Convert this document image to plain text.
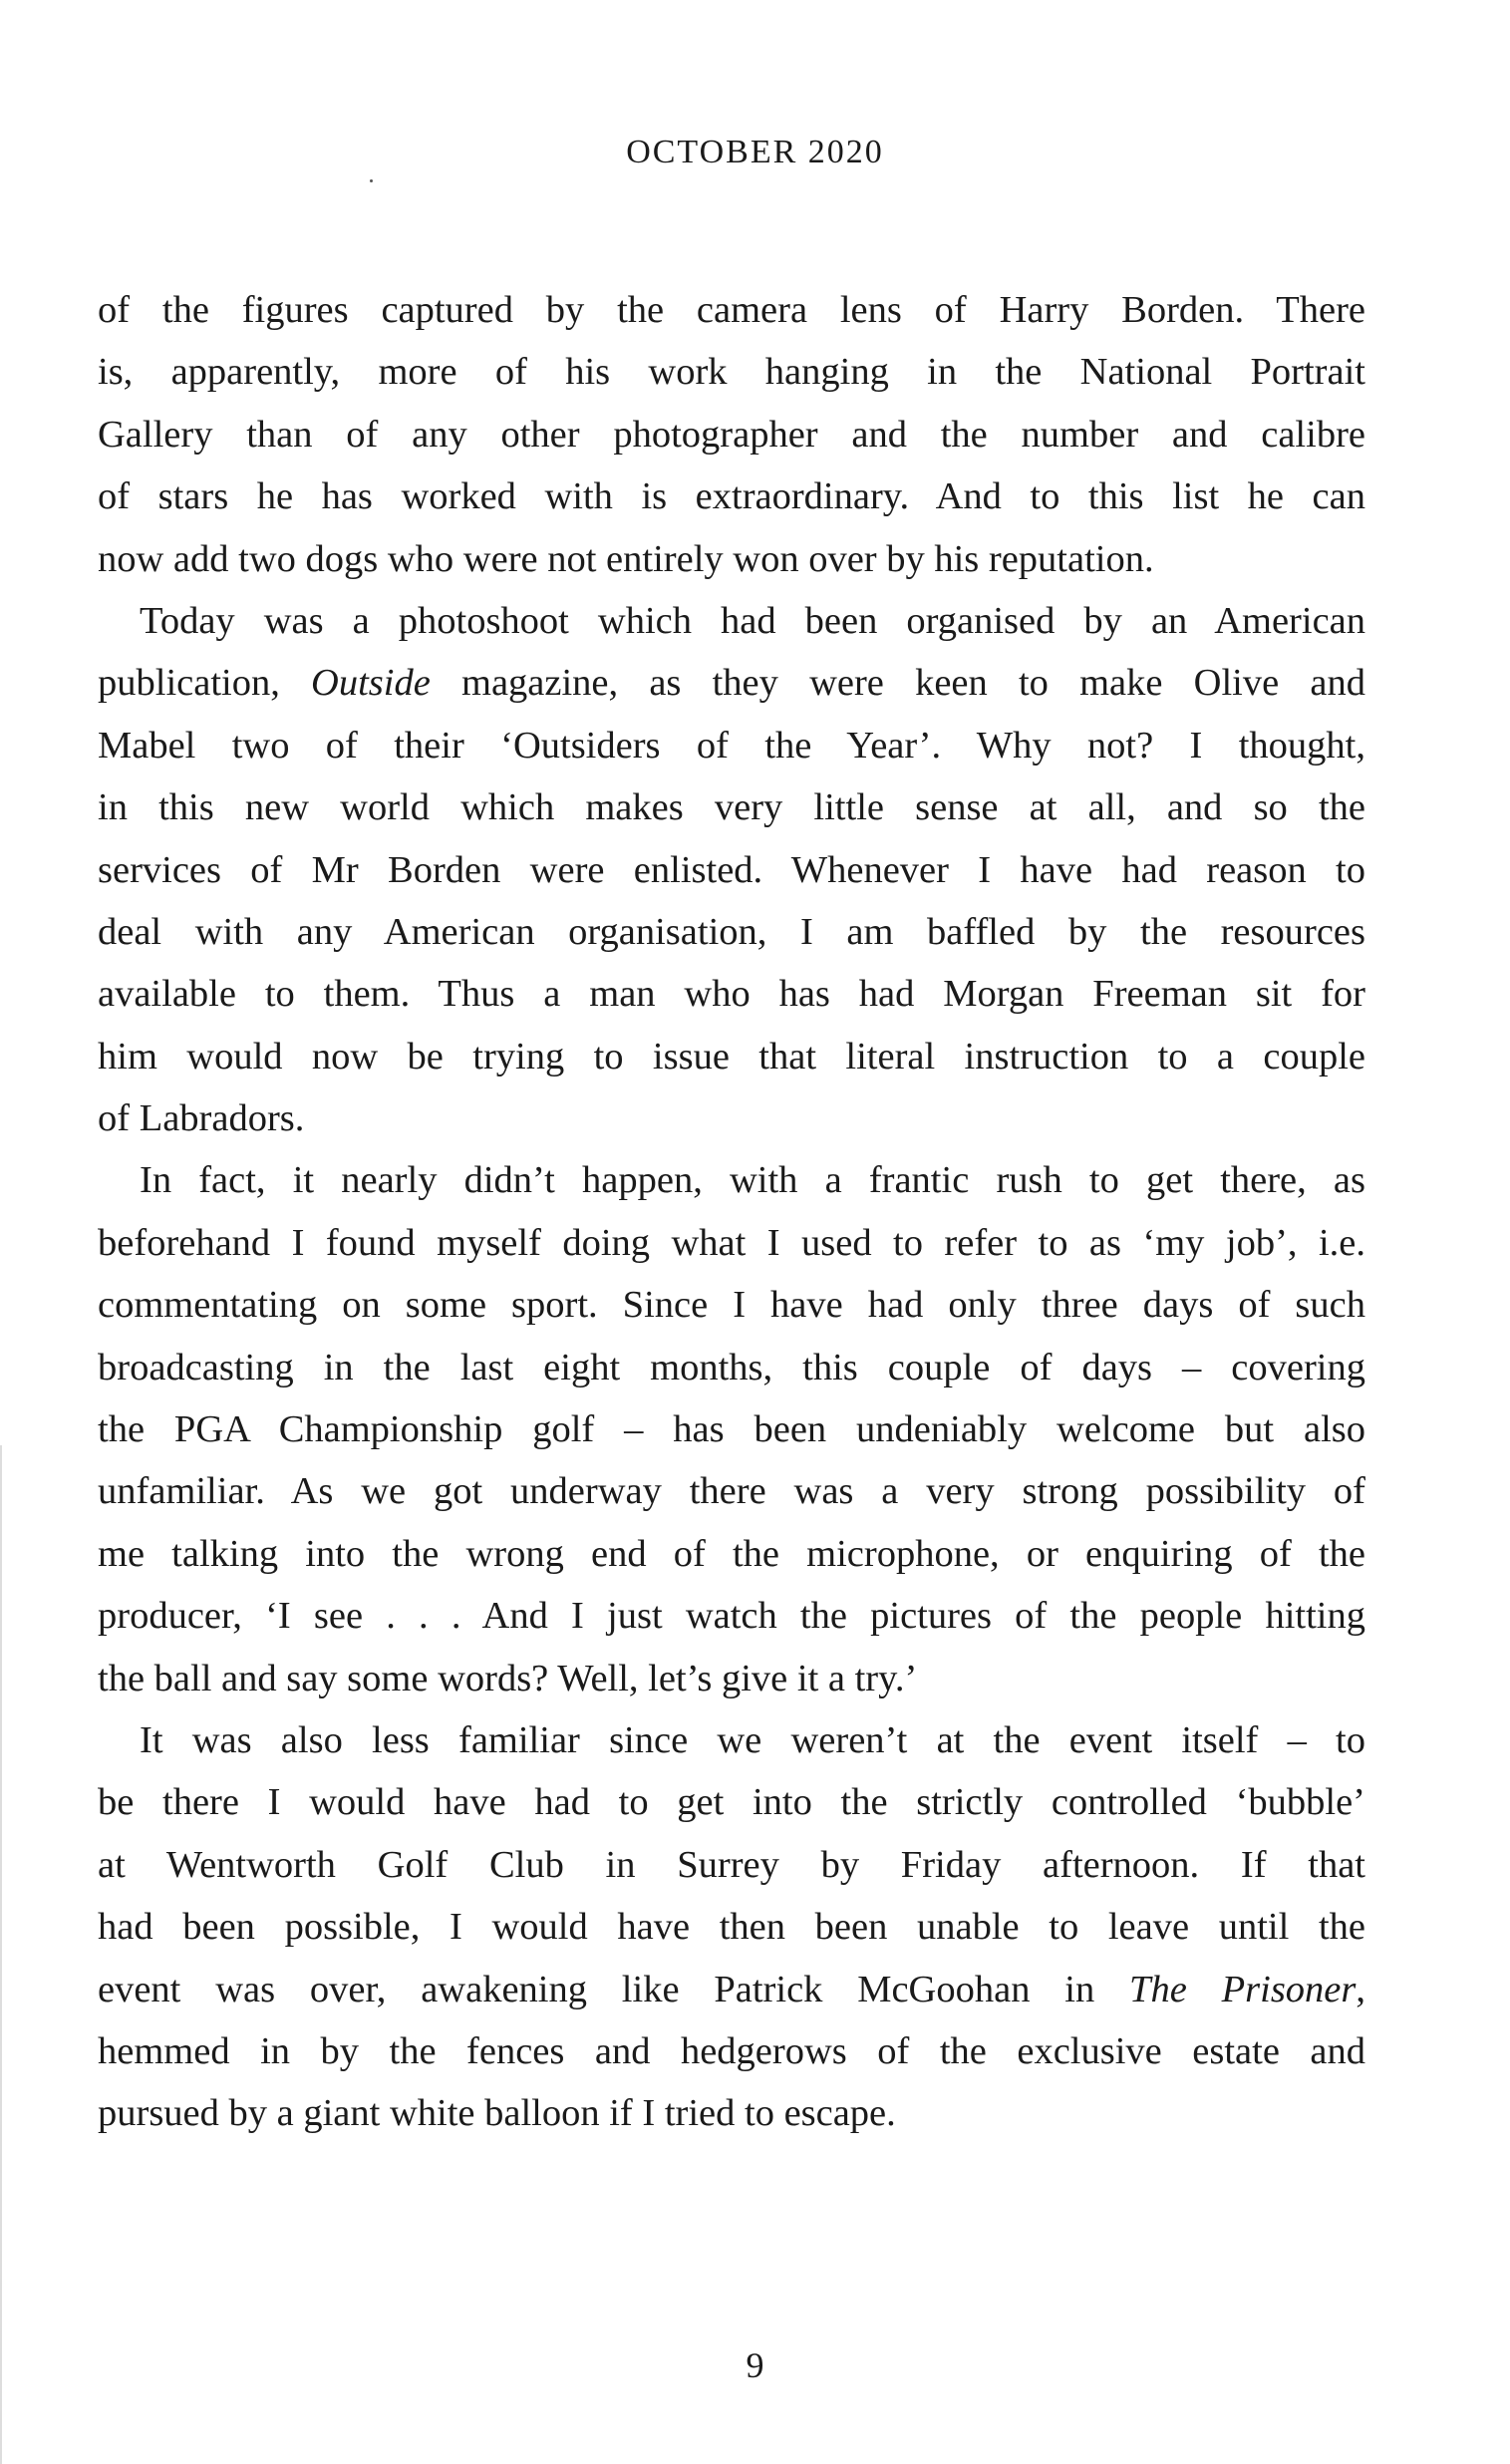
OCTOBER 2020
of the figures captured by the camera lens of Harry Borden. There
is, apparently, more of his work hanging in the National Portrait
Gallery than of any other photographer and the number and calibre
of stars he has worked with is extraordinary. And to this list he can
now add two dogs who were not entirely won over by his reputation.
Today was a photoshoot which had been organised by an American
publication, Outside magazine, as they were keen to make Olive and
Mabel two of their ‘Outsiders of the Year’. Why not? I thought,
in this new world which makes very little sense at all, and so the
services of Mr Borden were enlisted. Whenever I have had reason to
deal with any American organisation, I am baffled by the resources
available to them. Thus a man who has had Morgan Freeman sit for
him would now be trying to issue that literal instruction to a couple
of Labradors.
In fact, it nearly didn’t happen, with a frantic rush to get there, as
beforehand I found myself doing what I used to refer to as ‘my job’, i.e.
commentating on some sport. Since I have had only three days of such
broadcasting in the last eight months, this couple of days – covering
the PGA Championship golf – has been undeniably welcome but also
unfamiliar. As we got underway there was a very strong possibility of
me talking into the wrong end of the microphone, or enquiring of the
producer, ‘I see . . . And I just watch the pictures of the people hitting
the ball and say some words? Well, let’s give it a try.’
It was also less familiar since we weren’t at the event itself – to
be there I would have had to get into the strictly controlled ‘bubble’
at Wentworth Golf Club in Surrey by Friday afternoon. If that
had been possible, I would have then been unable to leave until the
event was over, awakening like Patrick McGoohan in The Prisoner,
hemmed in by the fences and hedgerows of the exclusive estate and
pursued by a giant white balloon if I tried to escape.
9
